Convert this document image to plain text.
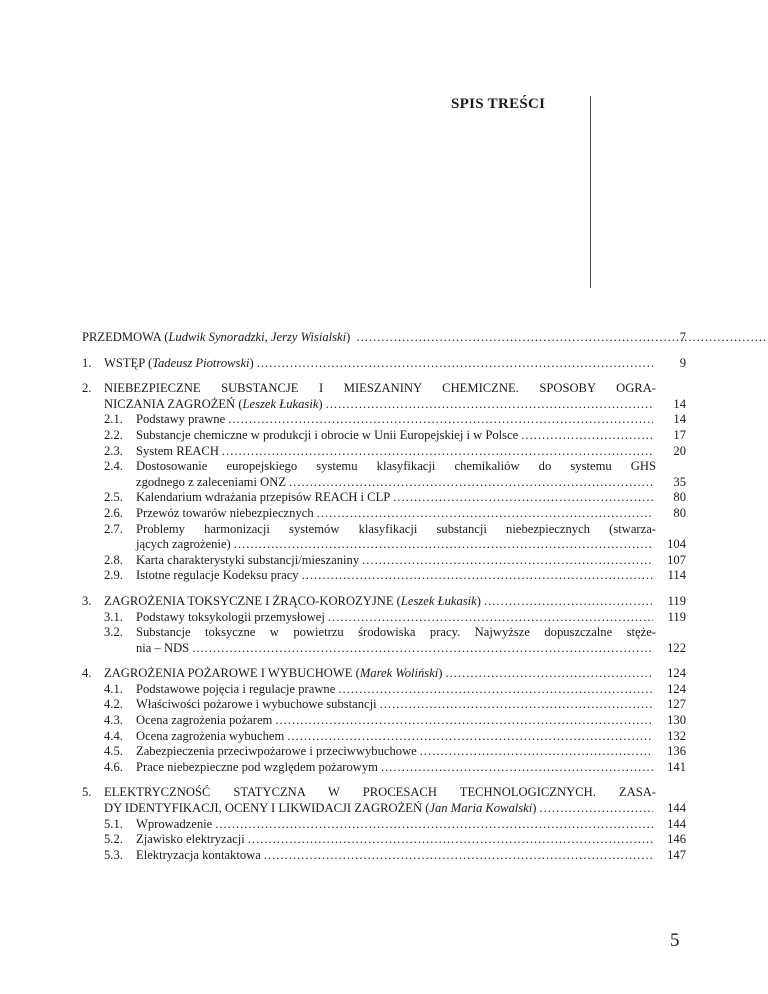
SPIS TREŚCI
PRZEDMOWA (Ludwik Synoradzki, Jerzy Wisialski) .....	7
1. WSTĘP (Tadeusz Piotrowski) .....	9
2. NIEBEZPIECZNE SUBSTANCJE I MIESZANINY CHEMICZNE. SPOSOBY OGRA-
NICZANIA ZAGROŻEŃ (Leszek Łukasik) .....	14
2.1.	Podstawy prawne .....	14
2.2.	Substancje chemiczne w produkcji i obrocie w Unii Europejskiej i w Polsce .....	17
2.3.	System REACH .....	20
2.4.	Dostosowanie europejskiego systemu klasyfikacji chemikaliów do systemu GHS
zgodnego z zaleceniami ONZ .....	35
2.5.	Kalendarium wdrażania przepisów REACH i CLP .....	80
2.6.	Przewóz towarów niebezpiecznych .....	80
2.7.	Problemy harmonizacji systemów klasyfikacji substancji niebezpiecznych (stwarza-
jących zagrożenie) .....	104
2.8.	Karta charakterystyki substancji/mieszaniny .....	107
2.9.	Istotne regulacje Kodeksu pracy .....	114
3. ZAGROŻENIA TOKSYCZNE I ŻRĄCO-KOROZYJNE (Leszek Łukasik) .....	119
3.1.	Podstawy toksykologii przemysłowej .....	119
3.2.	Substancje toksyczne w powietrzu środowiska pracy. Najwyższe dopuszczalne stęże-
nia – NDS .....	122
4. ZAGROŻENIA POŻAROWE I WYBUCHOWE (Marek Woliński) .....	124
4.1.	Podstawowe pojęcia i regulacje prawne .....	124
4.2.	Właściwości pożarowe i wybuchowe substancji .....	127
4.3.	Ocena zagrożenia pożarem .....	130
4.4.	Ocena zagrożenia wybuchem .....	132
4.5.	Zabezpieczenia przeciwpożarowe i przeciwwybuchowe .....	136
4.6.	Prace niebezpieczne pod względem pożarowym .....	141
5. ELEKTRYCZNOŚĆ STATYCZNA W PROCESACH TECHNOLOGICZNYCH. ZASA-
DY IDENTYFIKACJI, OCENY I LIKWIDACJI ZAGROŻEŃ (Jan Maria Kowalski) .....	144
5.1.	Wprowadzenie .....	144
5.2.	Zjawisko elektryzacji .....	146
5.3.	Elektryzacja kontaktowa .....	147
5
